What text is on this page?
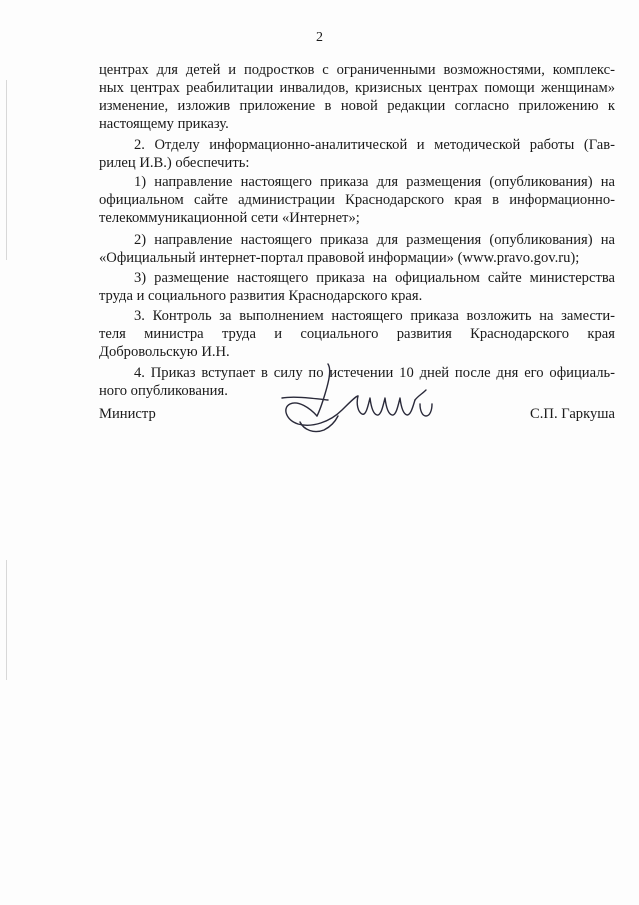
2
центрах для детей и подростков с ограниченными возможностями, комплекс-
ных центрах реабилитации инвалидов, кризисных центрах помощи женщинам»
изменение, изложив приложение в новой редакции согласно приложению к
настоящему приказу.
2. Отделу информационно-аналитической и методической работы (Гав-
рилец И.В.) обеспечить:
1) направление настоящего приказа для размещения (опубликования) на
официальном сайте администрации Краснодарского края в информационно-
телекоммуникационной сети «Интернет»;
2) направление настоящего приказа для размещения (опубликования) на
«Официальный интернет-портал правовой информации» (www.pravo.gov.ru);
3) размещение настоящего приказа на официальном сайте министерства
труда и социального развития Краснодарского края.
3. Контроль за выполнением настоящего приказа возложить на замести-
теля министра труда и социального развития Краснодарского края
Добровольскую И.Н.
4. Приказ вступает в силу по истечении 10 дней после дня его официаль-
ного опубликования.
Министр	С.П. Гаркуша
